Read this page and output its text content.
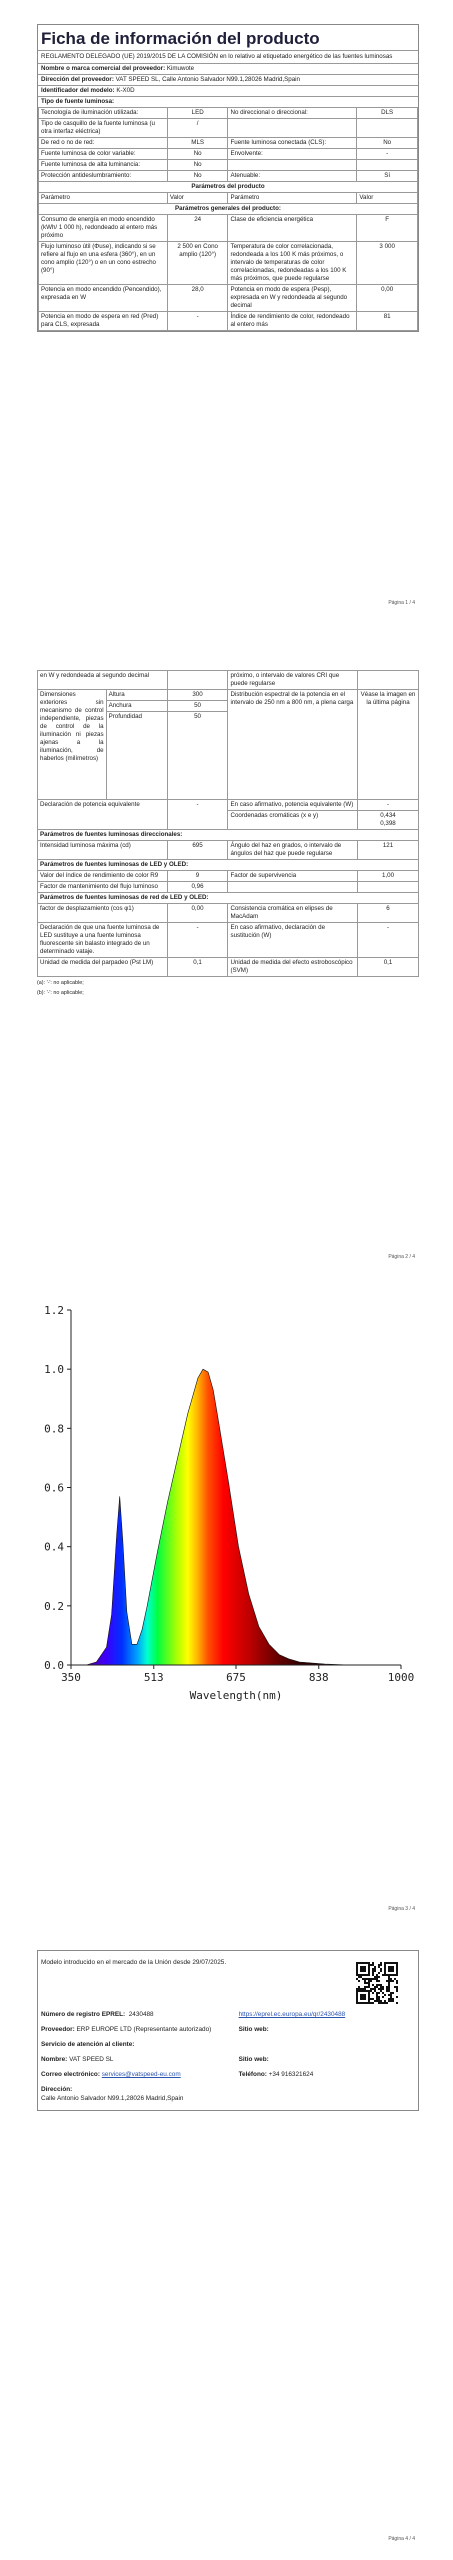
Ficha de información del producto
REGLAMENTO DELEGADO (UE) 2019/2015 DE LA COMISIÓN en lo relativo al etiquetado energético de las fuentes luminosas
Nombre o marca comercial del proveedor: Kimuwote
Dirección del proveedor: VAT SPEED SL, Calle Antonio Salvador N99.1,28026 Madrid,Spain
Identificador del modelo: K-X0D
Tipo de fuente luminosa:
Tecnología de iluminación utilizada:	LED	No direccional o direccional:	DLS
Tipo de casquillo de la fuente luminosa (u otra interfaz eléctrica)	/		
De red o no de red:	MLS	Fuente luminosa conectada (CLS):	No
Fuente luminosa de color variable:	No	Envolvente:	-
Fuente luminosa de alta luminancia:	No		
Protección antideslumbramiento:	No	Atenuable:	Sí
Parámetros del producto			
Parámetro	Valor	Parámetro	Valor
Parámetros generales del producto:			
Consumo de energía en modo encendido (kWh/ 1 000 h), redondeado al entero más próximo	24	Clase de eficiencia energética	F
Flujo luminoso útil (Φuse), indicando si se refiere al flujo en una esfera (360°), en un cono amplio (120°) o en un cono estrecho (90°)	2 500 en Cono amplio (120°)	Temperatura de color correlacionada, redondeada a los 100 K más próximos, o intervalo de temperaturas de color correlacionadas, redondeadas a los 100 K más próximos, que puede regularse	3 000
Potencia en modo encendido (Pencendido), expresada en W	28,0	Potencia en modo de espera (Pesp), expresada en W y redondeada al segundo decimal	0,00
Potencia en modo de espera en red (Pred) para CLS, expresada	-	Índice de rendimiento de color, redondeado al entero más	81
Página 1 / 4
en W y redondeada al segundo decimal			próximo, o intervalo de valores CRI que puede regularse	
Dimensiones exteriores sin mecanismo de control independiente, piezas de control de la iluminación ni piezas ajenas a la iluminación, de haberlos (milímetros)	Altura	300	Distribución espectral de la potencia en el intervalo de 250 nm a 800 nm, a plena carga	Véase la imagen en la última página
	Anchura	50		
	Profundidad	50		
Declaración de potencia equivalente		-	En caso afirmativo, potencia equivalente (W)	-
			Coordenadas cromáticas (x e y)	0,434
0,398
Parámetros de fuentes luminosas direccionales:				
Intensidad luminosa máxima (cd)		695	Ángulo del haz en grados, o intervalo de ángulos del haz que puede regularse	121
Parámetros de fuentes luminosas de LED y OLED:				
Valor del índice de rendimiento de color R9		9	Factor de supervivencia	1,00
Factor de mantenimiento del flujo luminoso		0,96		
Parámetros de fuentes luminosas de red de LED y OLED:				
factor de desplazamiento (cos φ1)		0,00	Consistencia cromática en elipses de MacAdam	6
Declaración de que una fuente luminosa de LED sustituye a una fuente luminosa fluorescente sin balasto integrado de un determinado vataje.		-	En caso afirmativo, declaración de sustitución (W)	-
Unidad de medida del parpadeo (Pst LM)		0,1	Unidad de medida del efecto estroboscópico (SVM)	0,1
(a): '-': no aplicable;
(b): '-': no aplicable;
Página 2 / 4
Página 3 / 4
350	513	675	838	1000
0.0
0.2
0.4
0.6
0.8
1.0
1.2
Wavelength(nm)
Modelo introducido en el mercado de la Unión desde 29/07/2025.	

Número de registro EPREL: 2430488	https://eprel.ec.europa.eu/qr/2430488
Proveedor: ERP EUROPE LTD (Representante autorizado)	Sitio web:
Servicio de atención al cliente:	
Nombre: VAT SPEED SL	Sitio web:
Correo electrónico: services@vatspeed-eu.com	Teléfono: +34 916321624
Dirección:
Calle Antonio Salvador N99.1,28026 Madrid,Spain	
Página 4 / 4
